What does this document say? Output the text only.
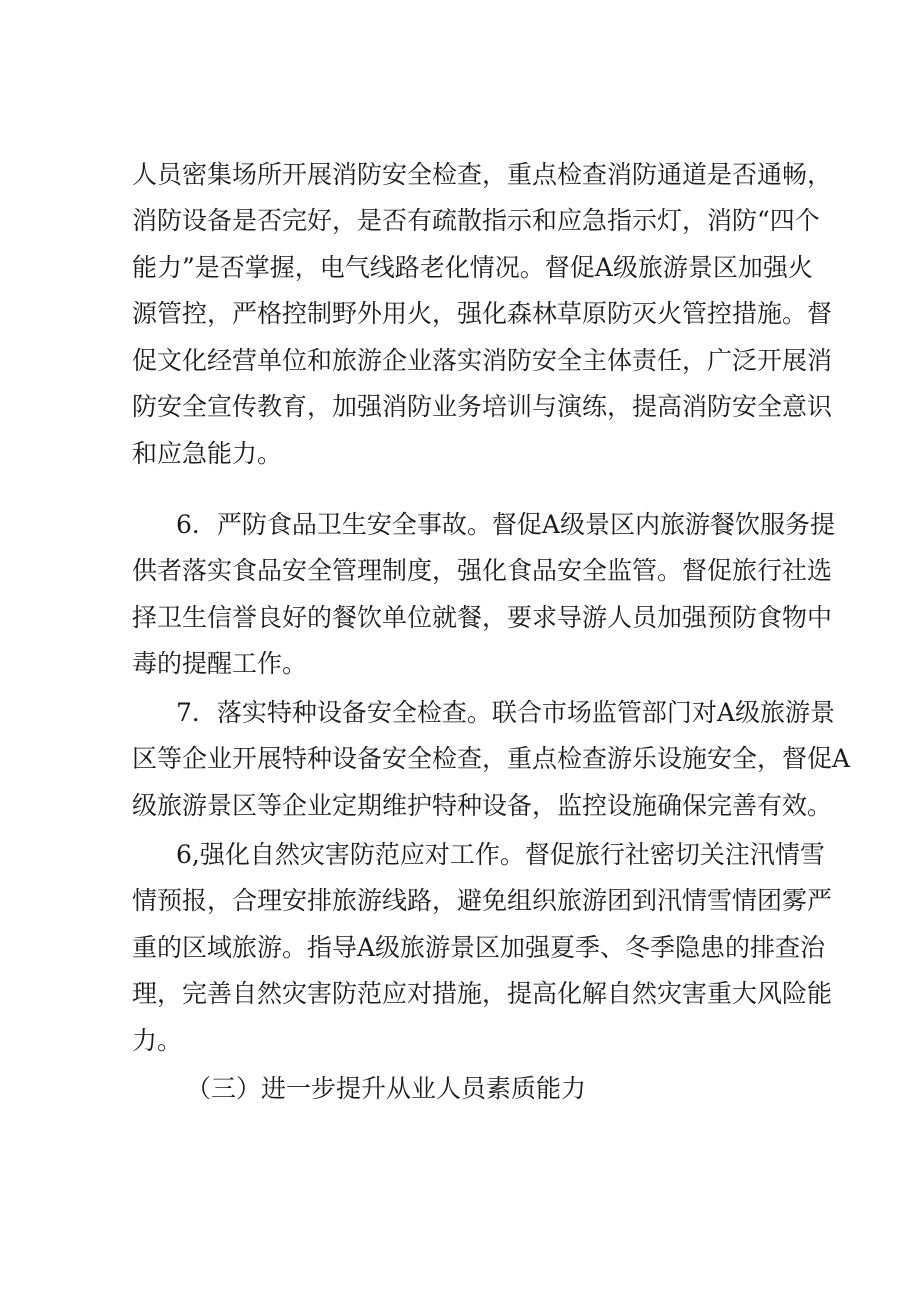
人员密集场所开展消防安全检查，重点检查消防通道是否通畅，
消防设备是否完好，是否有疏散指示和应急指示灯，消防“四个
能力”是否掌握，电气线路老化情况。督促A级旅游景区加强火
源管控，严格控制野外用火，强化森林草原防灭火管控措施。督
促文化经营单位和旅游企业落实消防安全主体责任，广泛开展消
防安全宣传教育，加强消防业务培训与演练，提高消防安全意识
和应急能力。
6．严防食品卫生安全事故。督促A级景区内旅游餐饮服务提
供者落实食品安全管理制度，强化食品安全监管。督促旅行社选
择卫生信誉良好的餐饮单位就餐，要求导游人员加强预防食物中
毒的提醒工作。
7．落实特种设备安全检查。联合市场监管部门对A级旅游景
区等企业开展特种设备安全检查，重点检查游乐设施安全，督促A
级旅游景区等企业定期维护特种设备，监控设施确保完善有效。
6,强化自然灾害防范应对工作。督促旅行社密切关注汛情雪
情预报，合理安排旅游线路，避免组织旅游团到汛情雪情团雾严
重的区域旅游。指导A级旅游景区加强夏季、冬季隐患的排查治
理，完善自然灾害防范应对措施，提高化解自然灾害重大风险能
力。
（三）进一步提升从业人员素质能力
